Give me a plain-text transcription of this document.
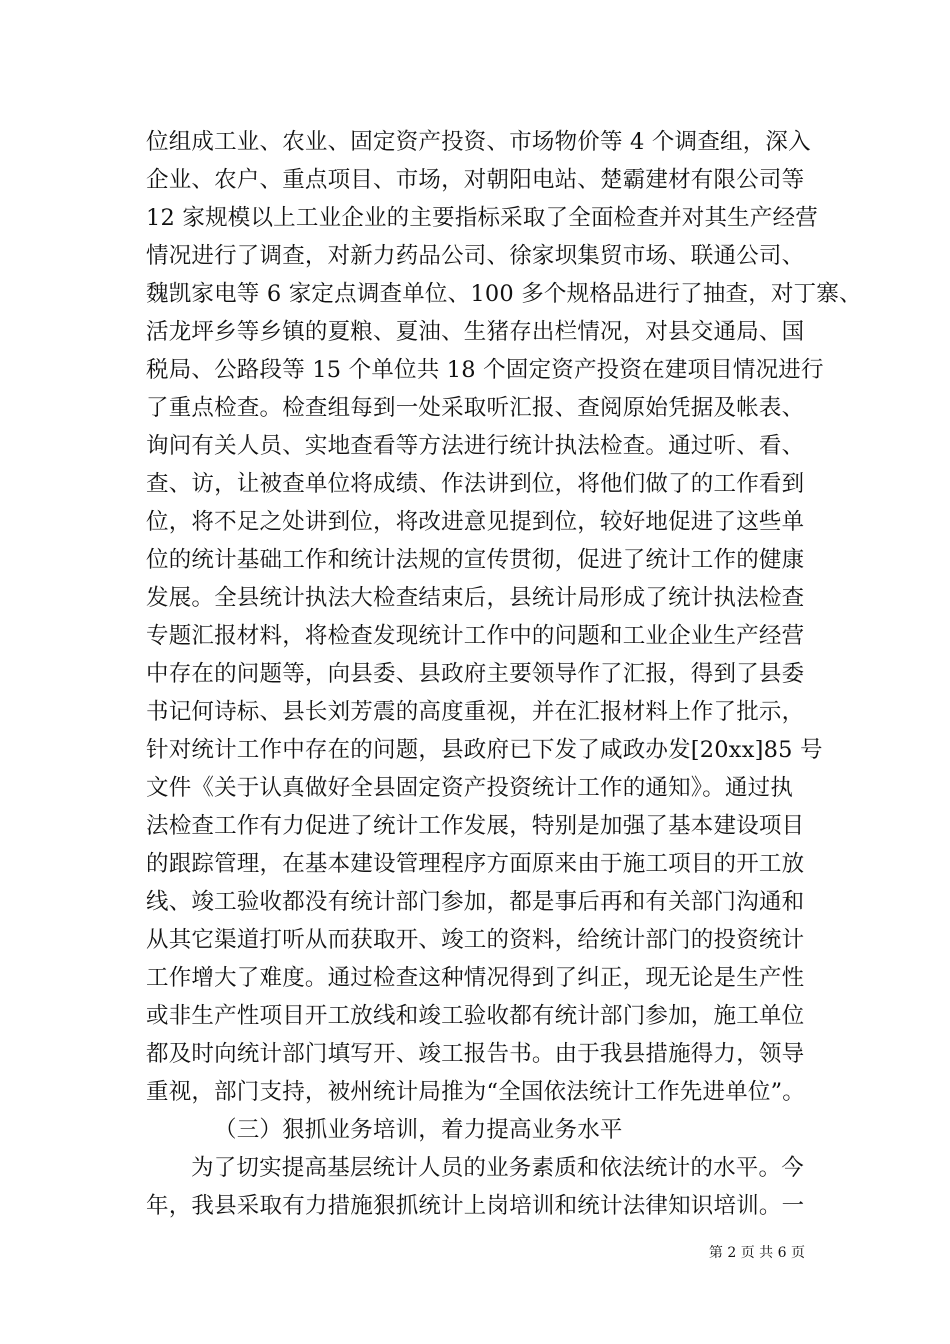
位组成工业、农业、固定资产投资、市场物价等 4 个调查组，深入
企业、农户、重点项目、市场，对朝阳电站、楚霸建材有限公司等
12 家规模以上工业企业的主要指标采取了全面检查并对其生产经营
情况进行了调查，对新力药品公司、徐家坝集贸市场、联通公司、
魏凯家电等 6 家定点调查单位、100 多个规格品进行了抽查，对丁寨、
活龙坪乡等乡镇的夏粮、夏油、生猪存出栏情况，对县交通局、国
税局、公路段等 15 个单位共 18 个固定资产投资在建项目情况进行
了重点检查。检查组每到一处采取听汇报、查阅原始凭据及帐表、
询问有关人员、实地查看等方法进行统计执法检查。通过听、看、
查、访，让被查单位将成绩、作法讲到位，将他们做了的工作看到
位，将不足之处讲到位，将改进意见提到位，较好地促进了这些单
位的统计基础工作和统计法规的宣传贯彻，促进了统计工作的健康
发展。全县统计执法大检查结束后，县统计局形成了统计执法检查
专题汇报材料，将检查发现统计工作中的问题和工业企业生产经营
中存在的问题等，向县委、县政府主要领导作了汇报，得到了县委
书记何诗标、县长刘芳震的高度重视，并在汇报材料上作了批示，
针对统计工作中存在的问题，县政府已下发了咸政办发[20xx]85 号
文件《关于认真做好全县固定资产投资统计工作的通知》。通过执
法检查工作有力促进了统计工作发展，特别是加强了基本建设项目
的跟踪管理，在基本建设管理程序方面原来由于施工项目的开工放
线、竣工验收都没有统计部门参加，都是事后再和有关部门沟通和
从其它渠道打听从而获取开、竣工的资料，给统计部门的投资统计
工作增大了难度。通过检查这种情况得到了纠正，现无论是生产性
或非生产性项目开工放线和竣工验收都有统计部门参加，施工单位
都及时向统计部门填写开、竣工报告书。由于我县措施得力，领导
重视，部门支持，被州统计局推为“全国依法统计工作先进单位”。
（三）狠抓业务培训，着力提高业务水平
为了切实提高基层统计人员的业务素质和依法统计的水平。今
年，我县采取有力措施狠抓统计上岗培训和统计法律知识培训。一
第 2 页 共 6 页
